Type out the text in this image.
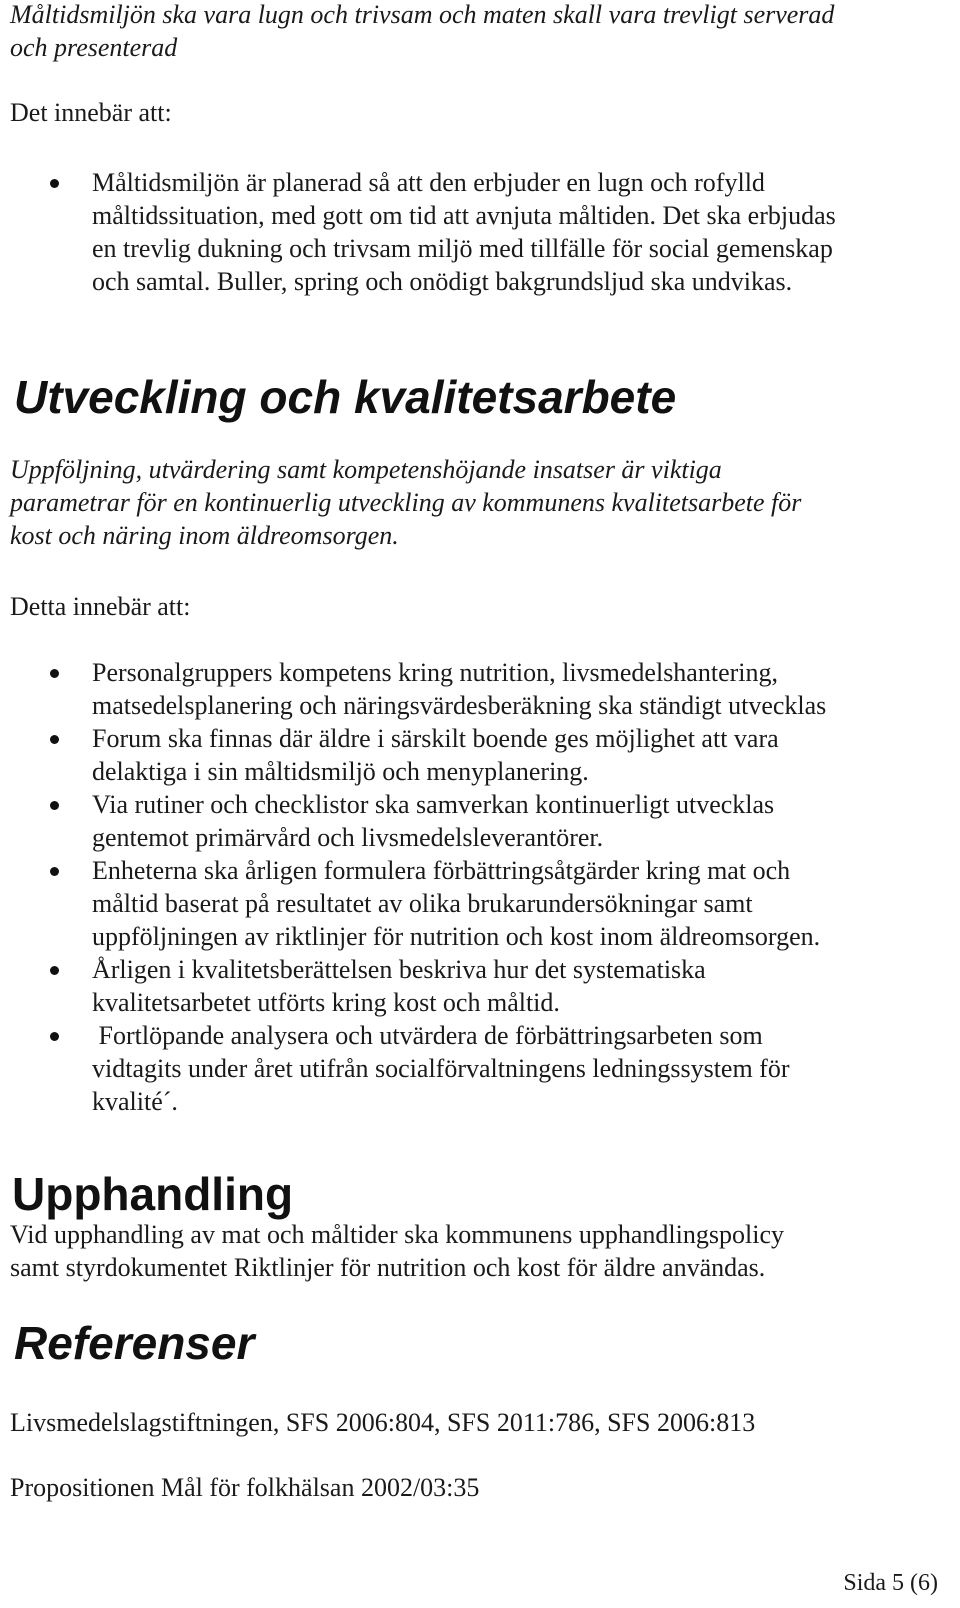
Måltidsmiljön ska vara lugn och trivsam och maten skall vara trevligt serverad
och presenterad
Det innebär att:
Måltidsmiljön är planerad så att den erbjuder en lugn och rofylld
måltidssituation, med gott om tid att avnjuta måltiden. Det ska erbjudas
en trevlig dukning och trivsam miljö med tillfälle för social gemenskap
och samtal. Buller, spring och onödigt bakgrundsljud ska undvikas.
Utveckling och kvalitetsarbete
Uppföljning, utvärdering samt kompetenshöjande insatser är viktiga
parametrar för en kontinuerlig utveckling av kommunens kvalitetsarbete för
kost och näring inom äldreomsorgen.
Detta innebär att:
Personalgruppers kompetens kring nutrition, livsmedelshantering,
matsedelsplanering och näringsvärdesberäkning ska ständigt utvecklas
Forum ska finnas där äldre i särskilt boende ges möjlighet att vara
delaktiga i sin måltidsmiljö och menyplanering.
Via rutiner och checklistor ska samverkan kontinuerligt utvecklas
gentemot primärvård och livsmedelsleverantörer.
Enheterna ska årligen formulera förbättringsåtgärder kring mat och
måltid baserat på resultatet av olika brukarundersökningar samt
uppföljningen av riktlinjer för nutrition och kost inom äldreomsorgen.
Årligen i kvalitetsberättelsen beskriva hur det systematiska
kvalitetsarbetet utförts kring kost och måltid.
Fortlöpande analysera och utvärdera de förbättringsarbeten som
vidtagits under året utifrån socialförvaltningens ledningssystem för
kvalité´.
Upphandling
Vid upphandling av mat och måltider ska kommunens upphandlingspolicy
samt styrdokumentet Riktlinjer för nutrition och kost för äldre användas.
Referenser
Livsmedelslagstiftningen, SFS 2006:804, SFS 2011:786, SFS 2006:813
Propositionen Mål för folkhälsan 2002/03:35
Sida 5 (6)
